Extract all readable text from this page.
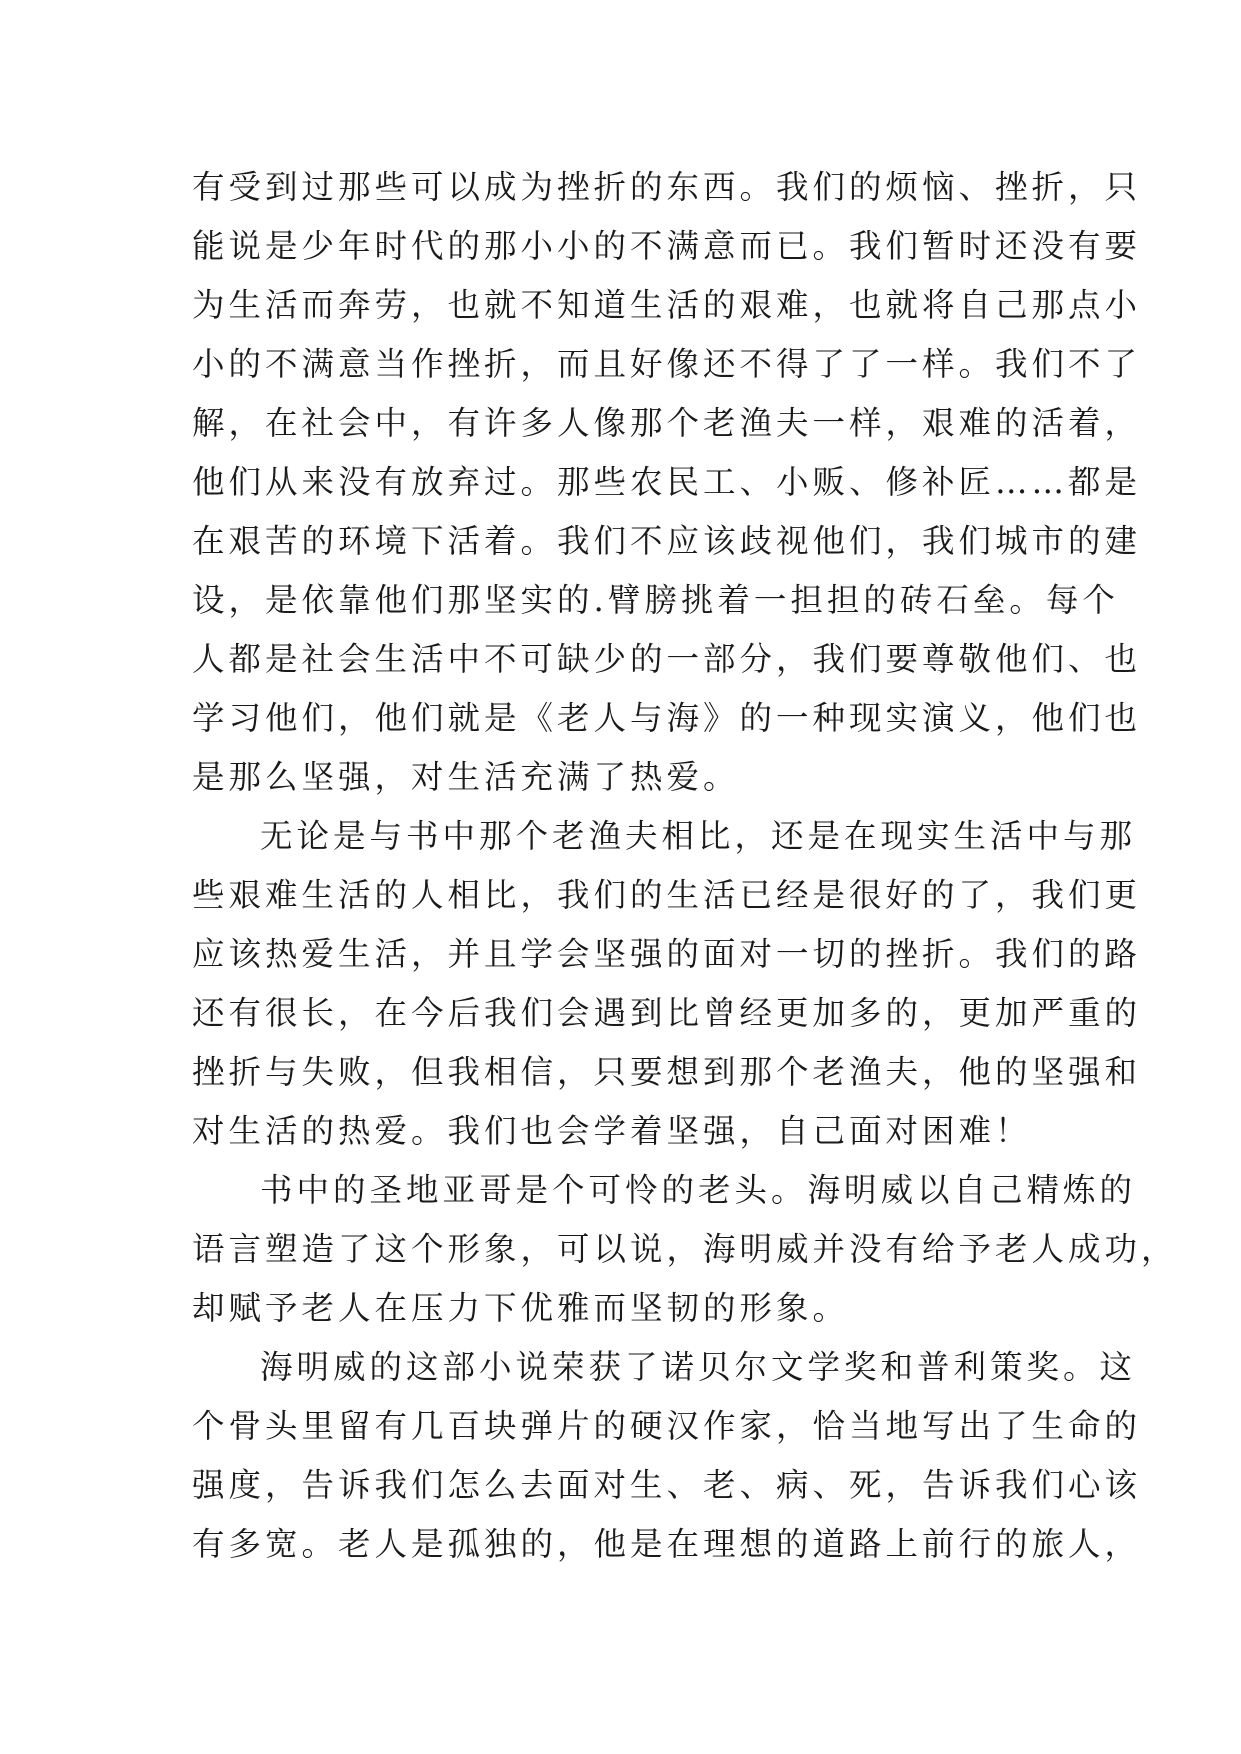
有受到过那些可以成为挫折的东西。我们的烦恼、挫折，只
能说是少年时代的那小小的不满意而已。我们暂时还没有要
为生活而奔劳，也就不知道生活的艰难，也就将自己那点小
小的不满意当作挫折，而且好像还不得了了一样。我们不了
解，在社会中，有许多人像那个老渔夫一样，艰难的活着，
他们从来没有放弃过。那些农民工、小贩、修补匠……都是
在艰苦的环境下活着。我们不应该歧视他们，我们城市的建
设，是依靠他们那坚实的.臂膀挑着一担担的砖石垒。每个
人都是社会生活中不可缺少的一部分，我们要尊敬他们、也
学习他们，他们就是《老人与海》的一种现实演义，他们也
是那么坚强，对生活充满了热爱。
无论是与书中那个老渔夫相比，还是在现实生活中与那
些艰难生活的人相比，我们的生活已经是很好的了，我们更
应该热爱生活，并且学会坚强的面对一切的挫折。我们的路
还有很长，在今后我们会遇到比曾经更加多的，更加严重的
挫折与失败，但我相信，只要想到那个老渔夫，他的坚强和
对生活的热爱。我们也会学着坚强，自己面对困难！
书中的圣地亚哥是个可怜的老头。海明威以自己精炼的
语言塑造了这个形象，可以说，海明威并没有给予老人成功，
却赋予老人在压力下优雅而坚韧的形象。
海明威的这部小说荣获了诺贝尔文学奖和普利策奖。这
个骨头里留有几百块弹片的硬汉作家，恰当地写出了生命的
强度，告诉我们怎么去面对生、老、病、死，告诉我们心该
有多宽。老人是孤独的，他是在理想的道路上前行的旅人，
